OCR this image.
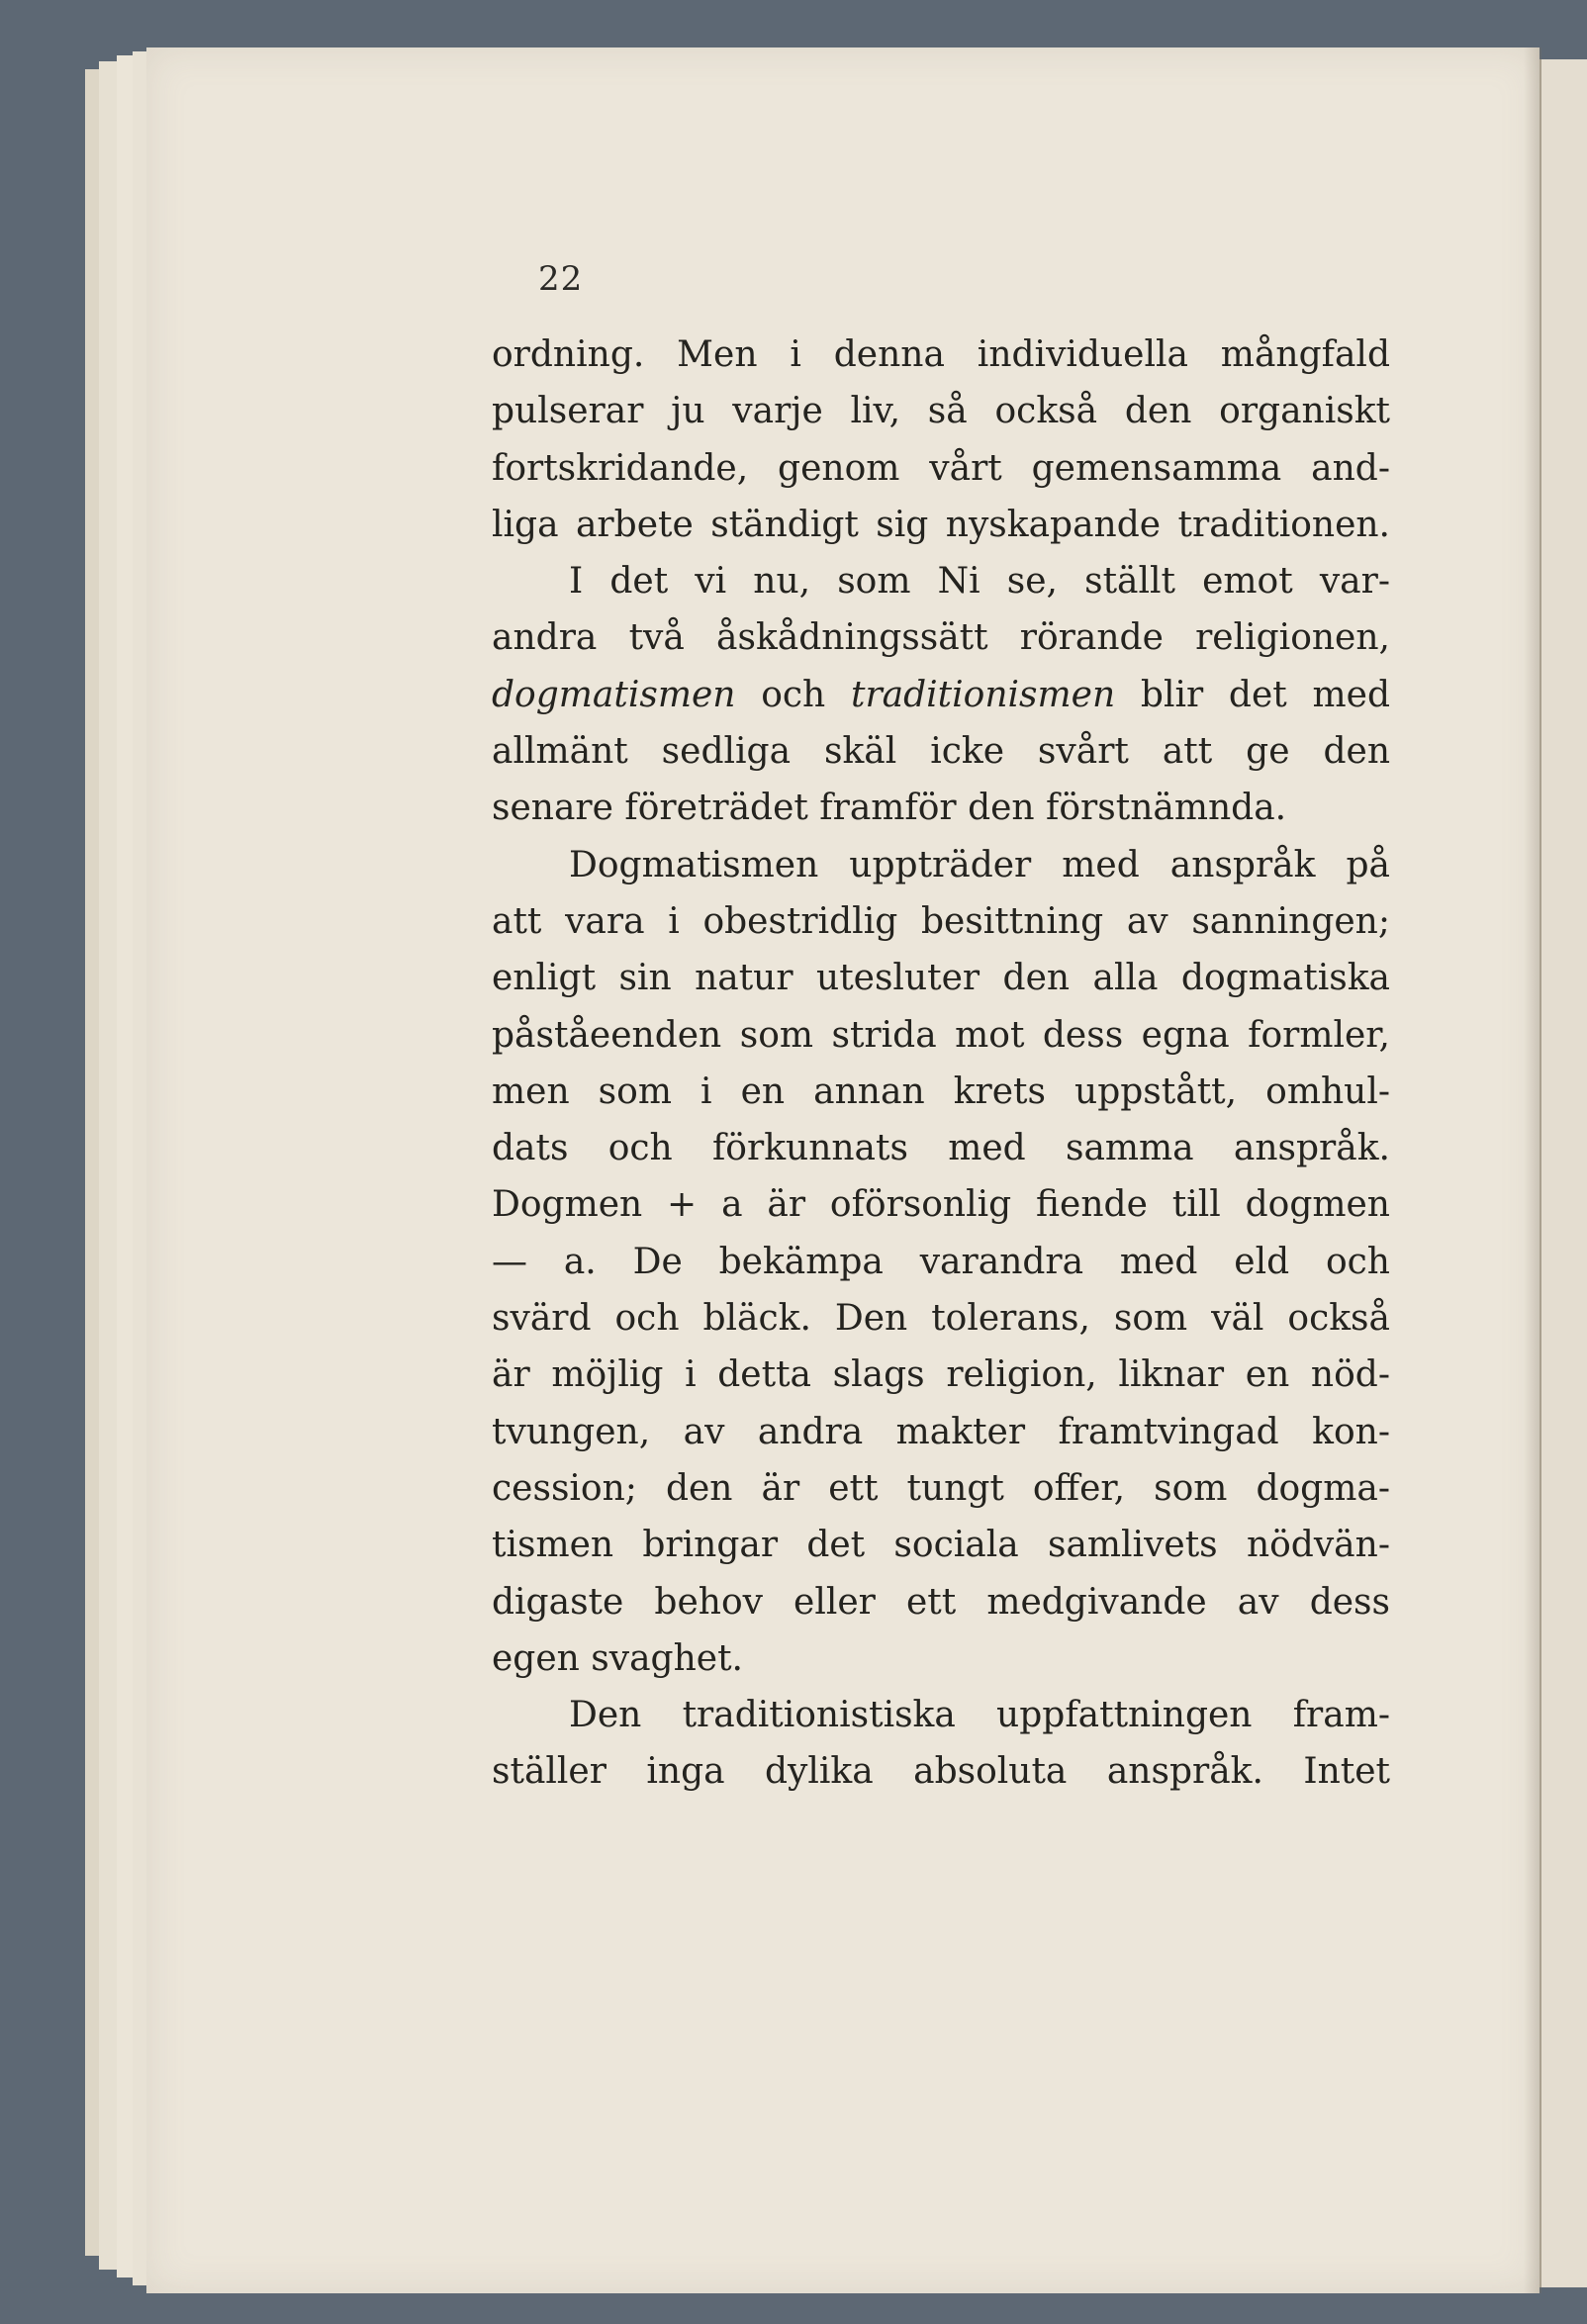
22
ordning. Men i denna individuella mångfald
pulserar ju varje liv, så också den organiskt
fortskridande, genom vårt gemensamma and-
liga arbete ständigt sig nyskapande traditionen.
I det vi nu, som Ni se, ställt emot var-
andra två åskådningssätt rörande religionen,
dogmatismen och traditionismen blir det med
allmänt sedliga skäl icke svårt att ge den
senare företrädet framför den förstnämnda.
Dogmatismen uppträder med anspråk på
att vara i obestridlig besittning av sanningen;
enligt sin natur utesluter den alla dogmatiska
påståeenden som strida mot dess egna formler,
men som i en annan krets uppstått, omhul-
dats och förkunnats med samma anspråk.
Dogmen + a är oförsonlig fiende till dogmen
— a. De bekämpa varandra med eld och
svärd och bläck. Den tolerans, som väl också
är möjlig i detta slags religion, liknar en nöd-
tvungen, av andra makter framtvingad kon-
cession; den är ett tungt offer, som dogma-
tismen bringar det sociala samlivets nödvän-
digaste behov eller ett medgivande av dess
egen svaghet.
Den traditionistiska uppfattningen fram-
ställer inga dylika absoluta anspråk. Intet
